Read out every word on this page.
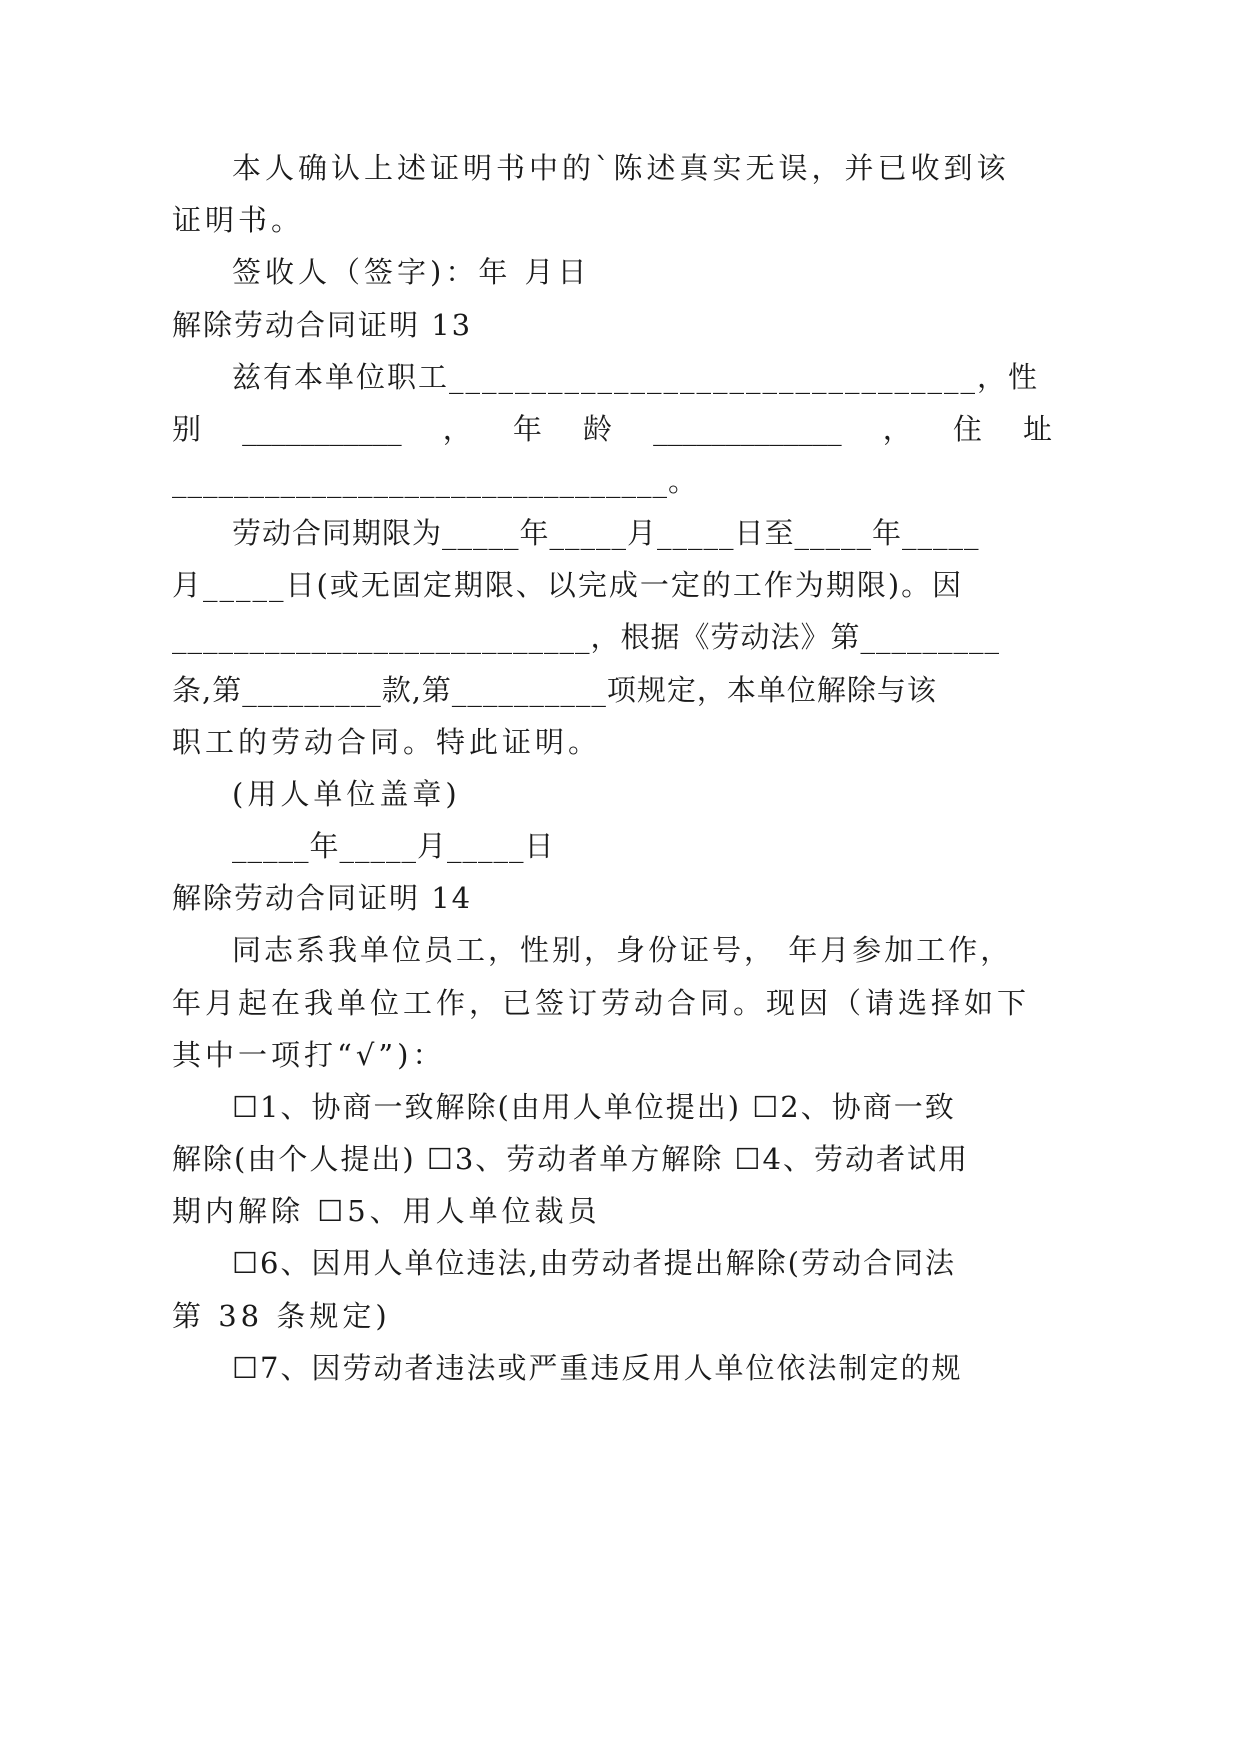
本人确认上述证明书中的`陈述真实无误，并已收到该
证明书。
签收人（签字)：年 月日
解除劳动合同证明 13
兹有本单位职工________________________________，性
别 ___________ ， 年 龄 _____________ ， 住 址
________________________________。
劳动合同期限为_____年_____月_____日至_____年_____
月_____日(或无固定期限、以完成一定的工作为期限)。因
___________________________，根据《劳动法》第_________
条,第_________款,第__________项规定，本单位解除与该
职工的劳动合同。特此证明。
(用人单位盖章)
_____年_____月_____日
解除劳动合同证明 14
同志系我单位员工，性别，身份证号， 年月参加工作，
年月起在我单位工作，已签订劳动合同。现因（请选择如下
其中一项打“√”)：
☐1、协商一致解除(由用人单位提出) ☐2、协商一致
解除(由个人提出) ☐3、劳动者单方解除 ☐4、劳动者试用
期内解除 ☐5、用人单位裁员
☐6、因用人单位违法,由劳动者提出解除(劳动合同法
第 38 条规定)
☐7、因劳动者违法或严重违反用人单位依法制定的规
